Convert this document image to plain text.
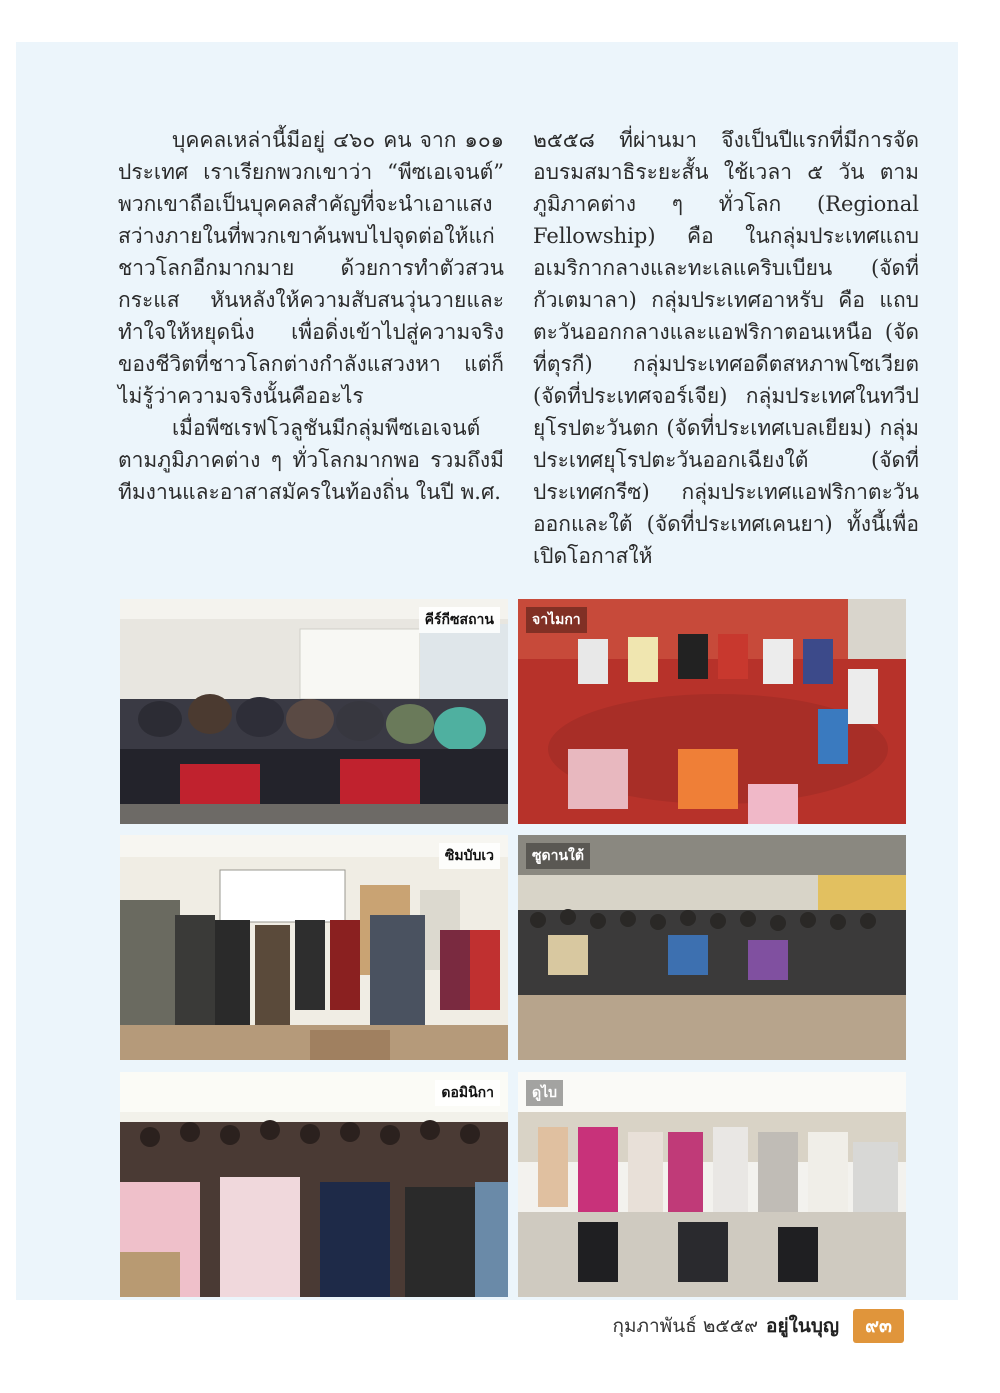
บุคคลเหล่านี้มีอยู่ ๔๖๐ คน จาก ๑๐๑ ประเทศ เราเรียกพวกเขาว่า “พีซเอเจนต์” พวกเขาถือเป็นบุคคลสำคัญที่จะนำเอาแสงสว่างภายในที่พวกเขาค้นพบไปจุดต่อให้แก่ชาวโลกอีกมากมาย ด้วยการทำตัวสวนกระแส หันหลังให้ความสับสนวุ่นวายและทำใจให้หยุดนิ่ง เพื่อดิ่งเข้าไปสู่ความจริงของชีวิตที่ชาวโลกต่างกำลังแสวงหา แต่ก็ไม่รู้ว่าความจริงนั้นคืออะไร

เมื่อพีซเรฟโวลูชันมีกลุ่มพีซเอเจนต์ตามภูมิภาคต่าง ๆ ทั่วโลกมากพอ รวมถึงมีทีมงานและอาสาสมัครในท้องถิ่น ในปี พ.ศ.

๒๕๕๘ ที่ผ่านมา จึงเป็นปีแรกที่มีการจัดอบรมสมาธิระยะสั้น ใช้เวลา ๕ วัน ตามภูมิภาคต่าง ๆ ทั่วโลก (Regional Fellowship) คือ ในกลุ่มประเทศแถบอเมริกากลางและทะเลแคริบเบียน (จัดที่กัวเตมาลา) กลุ่มประเทศอาหรับ คือ แถบตะวันออกกลางและแอฟริกาตอนเหนือ (จัดที่ตุรกี) กลุ่มประเทศอดีตสหภาพโซเวียต (จัดที่ประเทศจอร์เจีย) กลุ่มประเทศในทวีปยุโรปตะวันตก (จัดที่ประเทศเบลเยียม) กลุ่มประเทศยุโรปตะวันออกเฉียงใต้ (จัดที่ประเทศกรีซ) กลุ่มประเทศแอฟริกาตะวันออกและใต้ (จัดที่ประเทศเคนยา) ทั้งนี้เพื่อเปิดโอกาสให้

คีร์กีซสถาน	จาไมกา
ซิมบับเว	ซูดานใต้
ดอมินิกา	ดูไบ
กุมภาพันธ์ ๒๕๕๙ อยู่ในบุญ	๙๓
